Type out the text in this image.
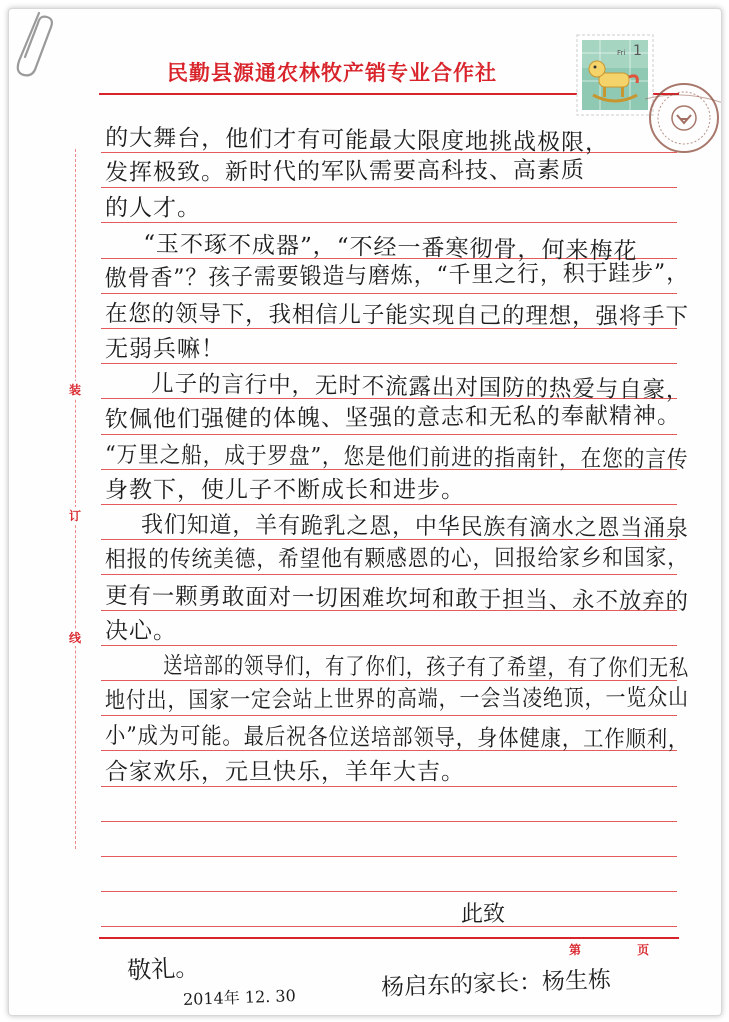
民勤县源通农林牧产销专业合作社
1
Fri
装
订
线
的大舞台，他们才有可能最大限度地挑战极限，
发挥极致。新时代的军队需要高科技、高素质
的人才。
“玉不琢不成器”，“不经一番寒彻骨，何来梅花
傲骨香”？孩子需要锻造与磨炼，“千里之行，积于跬步”，
在您的领导下，我相信儿子能实现自己的理想，强将手下
无弱兵嘛！
儿子的言行中，无时不流露出对国防的热爱与自豪，
钦佩他们强健的体魄、坚强的意志和无私的奉献精神。
“万里之船，成于罗盘”，您是他们前进的指南针，在您的言传
身教下，使儿子不断成长和进步。
我们知道，羊有跪乳之恩，中华民族有滴水之恩当涌泉
相报的传统美德，希望他有颗感恩的心，回报给家乡和国家，
更有一颗勇敢面对一切困难坎坷和敢于担当、永不放弃的
决心。
送培部的领导们，有了你们，孩子有了希望，有了你们无私
地付出，国家一定会站上世界的高端，一会当凌绝顶，一览众山
小”成为可能。最后祝各位送培部领导，身体健康，工作顺利，
合家欢乐，元旦快乐，羊年大吉。
此致
第 页
敬礼。
2014年 12. 30	杨启东的家长：杨生栋
